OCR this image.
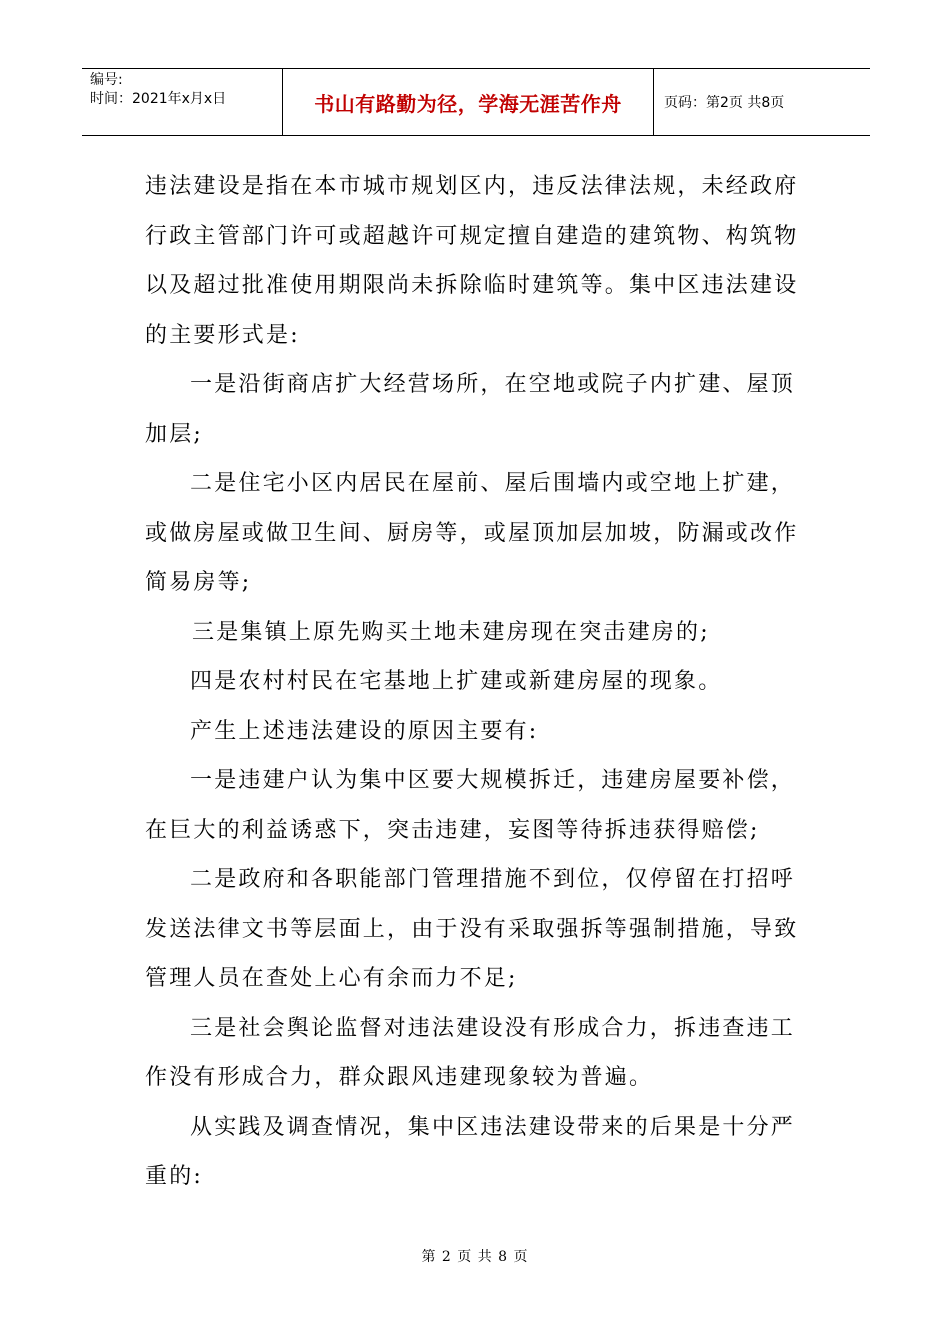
编号:
时间：2021年x月x日	书山有路勤为径，学海无涯苦作舟	页码：第2页 共8页

违法建设是指在本市城市规划区内，违反法律法规，未经政府行政主管部门许可或超越许可规定擅自建造的建筑物、构筑物以及超过批准使用期限尚未拆除临时建筑等。集中区违法建设的主要形式是:

一是沿街商店扩大经营场所，在空地或院子内扩建、屋顶加层;

二是住宅小区内居民在屋前、屋后围墙内或空地上扩建，或做房屋或做卫生间、厨房等，或屋顶加层加坡，防漏或改作简易房等;

三是集镇上原先购买土地未建房现在突击建房的;

四是农村村民在宅基地上扩建或新建房屋的现象。

产生上述违法建设的原因主要有:

一是违建户认为集中区要大规模拆迁，违建房屋要补偿，在巨大的利益诱惑下，突击违建，妄图等待拆违获得赔偿;

二是政府和各职能部门管理措施不到位，仅停留在打招呼发送法律文书等层面上，由于没有采取强拆等强制措施，导致管理人员在查处上心有余而力不足;

三是社会舆论监督对违法建设没有形成合力，拆违查违工作没有形成合力，群众跟风违建现象较为普遍。

从实践及调查情况，集中区违法建设带来的后果是十分严重的:

第 2 页 共 8 页
